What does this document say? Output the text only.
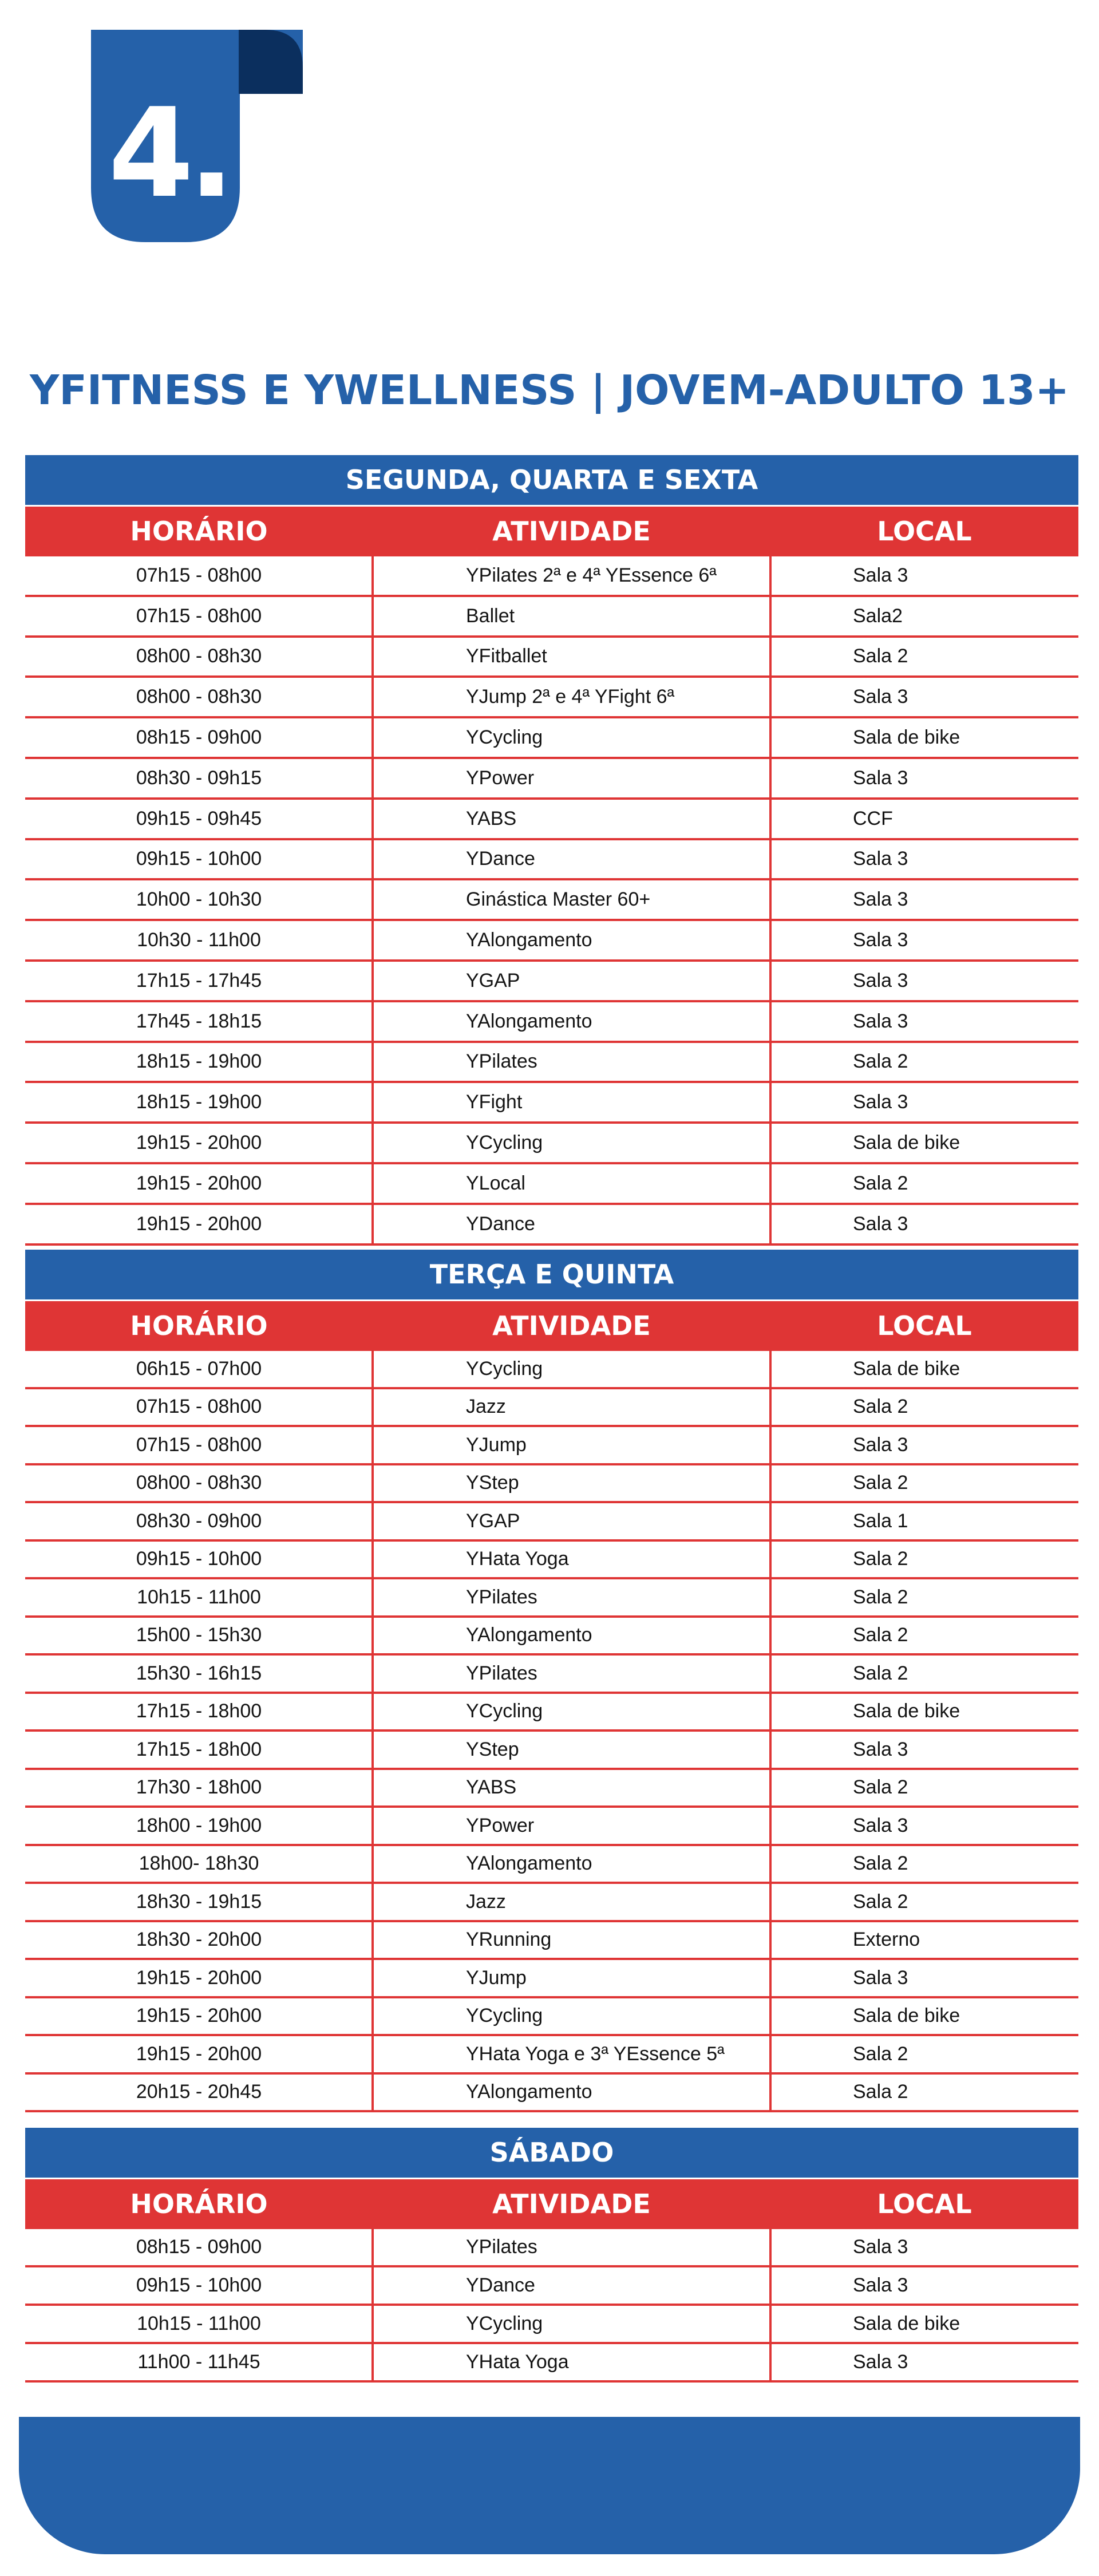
4.
YFITNESS E YWELLNESS | JOVEM-ADULTO 13+
SEGUNDA, QUARTA E SEXTA
HORÁRIO	ATIVIDADE	LOCAL
07h15 - 08h00	YPilates 2ª e 4ª YEssence 6ª	Sala 3
07h15 - 08h00	Ballet	Sala2
08h00 - 08h30	YFitballet	Sala 2
08h00 - 08h30	YJump 2ª e 4ª YFight 6ª	Sala 3
08h15 - 09h00	YCycling	Sala de bike
08h30 - 09h15	YPower	Sala 3
09h15 - 09h45	YABS	CCF
09h15 - 10h00	YDance	Sala 3
10h00 - 10h30	Ginástica Master 60+	Sala 3
10h30 - 11h00	YAlongamento	Sala 3
17h15 - 17h45	YGAP	Sala 3
17h45 - 18h15	YAlongamento	Sala 3
18h15 - 19h00	YPilates	Sala 2
18h15 - 19h00	YFight	Sala 3
19h15 - 20h00	YCycling	Sala de bike
19h15 - 20h00	YLocal	Sala 2
19h15 - 20h00	YDance	Sala 3
TERÇA E QUINTA
HORÁRIO	ATIVIDADE	LOCAL
06h15 - 07h00	YCycling	Sala de bike
07h15 - 08h00	Jazz	Sala 2
07h15 - 08h00	YJump	Sala 3
08h00 - 08h30	YStep	Sala 2
08h30 - 09h00	YGAP	Sala 1
09h15 - 10h00	YHata Yoga	Sala 2
10h15 - 11h00	YPilates	Sala 2
15h00 - 15h30	YAlongamento	Sala 2
15h30 - 16h15	YPilates	Sala 2
17h15 - 18h00	YCycling	Sala de bike
17h15 - 18h00	YStep	Sala 3
17h30 - 18h00	YABS	Sala 2
18h00 - 19h00	YPower	Sala 3
18h00- 18h30	YAlongamento	Sala 2
18h30 - 19h15	Jazz	Sala 2
18h30 - 20h00	YRunning	Externo
19h15 - 20h00	YJump	Sala 3
19h15 - 20h00	YCycling	Sala de bike
19h15 - 20h00	YHata Yoga e 3ª YEssence 5ª	Sala 2
20h15 - 20h45	YAlongamento	Sala 2
SÁBADO
HORÁRIO	ATIVIDADE	LOCAL
08h15 - 09h00	YPilates	Sala 3
09h15 - 10h00	YDance	Sala 3
10h15 - 11h00	YCycling	Sala de bike
11h00 - 11h45	YHata Yoga	Sala 3
